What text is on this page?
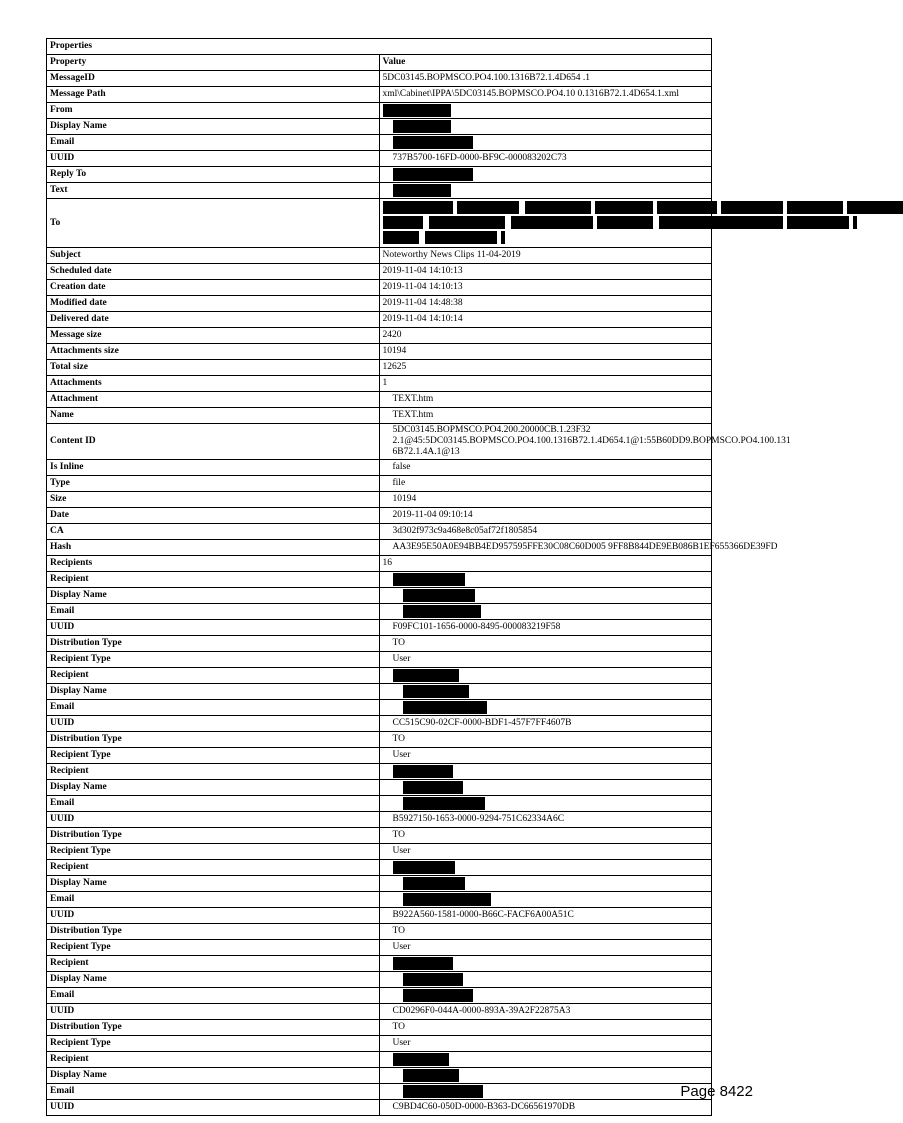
Properties	
Property	Value
MessageID	5DC03145.BOPMSCO.PO4.100.1316B72.1.4D654 .1
Message Path	xml\Cabinet\IPPA\5DC03145.BOPMSCO.PO4.10 0.1316B72.1.4D654.1.xml
From	
Display Name	
Email	
UUID	737B5700-16FD-0000-BF9C-000083202C73
Reply To	
Text	
To	

Subject	Noteworthy News Clips 11-04-2019
Scheduled date	2019-11-04 14:10:13
Creation date	2019-11-04 14:10:13
Modified date	2019-11-04 14:48:38
Delivered date	2019-11-04 14:10:14
Message size	2420
Attachments size	10194
Total size	12625
Attachments	1
Attachment	TEXT.htm
Name	TEXT.htm
Content ID	5DC03145.BOPMSCO.PO4.200.20000CB.1.23F32 2.1@45:5DC03145.BOPMSCO.PO4.100.1316B72.1.4D654.1@1:55B60DD9.BOPMSCO.PO4.100.131 6B72.1.4A.1@13
Is Inline	false
Type	file
Size	10194
Date	2019-11-04 09:10:14
CA	3d302f973c9a468e8c05af72f1805854
Hash	AA3E95E50A0E94BB4ED957595FFE30C08C60D005 9FF8B844DE9EB086B1EF655366DE39FD
Recipients	16
Recipient	
Display Name	
Email	
UUID	F09FC101-1656-0000-8495-000083219F58
Distribution Type	TO
Recipient Type	User
Recipient	
Display Name	
Email	
UUID	CC515C90-02CF-0000-BDF1-457F7FF4607B
Distribution Type	TO
Recipient Type	User
Recipient	
Display Name	
Email	
UUID	B5927150-1653-0000-9294-751C62334A6C
Distribution Type	TO
Recipient Type	User
Recipient	
Display Name	
Email	
UUID	B922A560-1581-0000-B66C-FACF6A00A51C
Distribution Type	TO
Recipient Type	User
Recipient	
Display Name	
Email	
UUID	CD0296F0-044A-0000-893A-39A2F22875A3
Distribution Type	TO
Recipient Type	User
Recipient	
Display Name	
Email	
UUID	C9BD4C60-050D-0000-B363-DC66561970DB
Page 8422
